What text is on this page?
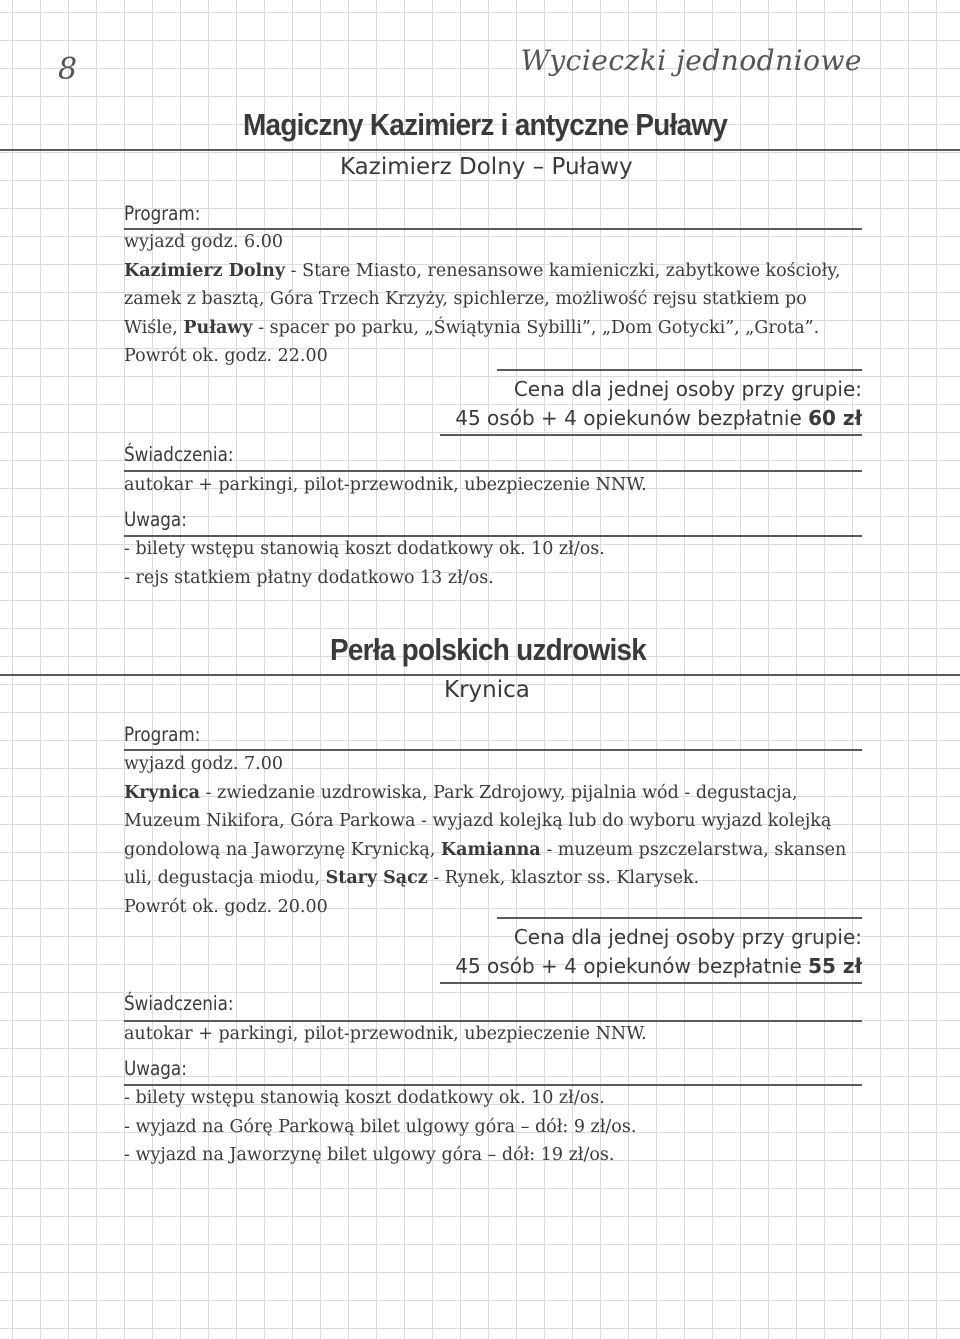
8	Wycieczki jednodniowe
Magiczny Kazimierz i antyczne Puławy
Kazimierz Dolny – Puławy
Program:
wyjazd godz. 6.00
Kazimierz Dolny - Stare Miasto, renesansowe kamieniczki, zabytkowe kościoły,
zamek z basztą, Góra Trzech Krzyży, spichlerze, możliwość rejsu statkiem po
Wiśle, Puławy - spacer po parku, „Świątynia Sybilli”, „Dom Gotycki”, „Grota”.
Powrót ok. godz. 22.00
Cena dla jednej osoby przy grupie:
45 osób + 4 opiekunów bezpłatnie 60 zł
Świadczenia:
autokar + parkingi, pilot-przewodnik, ubezpieczenie NNW.
Uwaga:
- bilety wstępu stanowią koszt dodatkowy ok. 10 zł/os.
- rejs statkiem płatny dodatkowo 13 zł/os.
Perła polskich uzdrowisk
Krynica
Program:
wyjazd godz. 7.00
Krynica - zwiedzanie uzdrowiska, Park Zdrojowy, pijalnia wód - degustacja,
Muzeum Nikifora, Góra Parkowa - wyjazd kolejką lub do wyboru wyjazd kolejką
gondolową na Jaworzynę Krynicką, Kamianna - muzeum pszczelarstwa, skansen
uli, degustacja miodu, Stary Sącz - Rynek, klasztor ss. Klarysek.
Powrót ok. godz. 20.00
Cena dla jednej osoby przy grupie:
45 osób + 4 opiekunów bezpłatnie 55 zł
Świadczenia:
autokar + parkingi, pilot-przewodnik, ubezpieczenie NNW.
Uwaga:
- bilety wstępu stanowią koszt dodatkowy ok. 10 zł/os.
- wyjazd na Górę Parkową bilet ulgowy góra – dół: 9 zł/os.
- wyjazd na Jaworzynę bilet ulgowy góra – dół: 19 zł/os.
